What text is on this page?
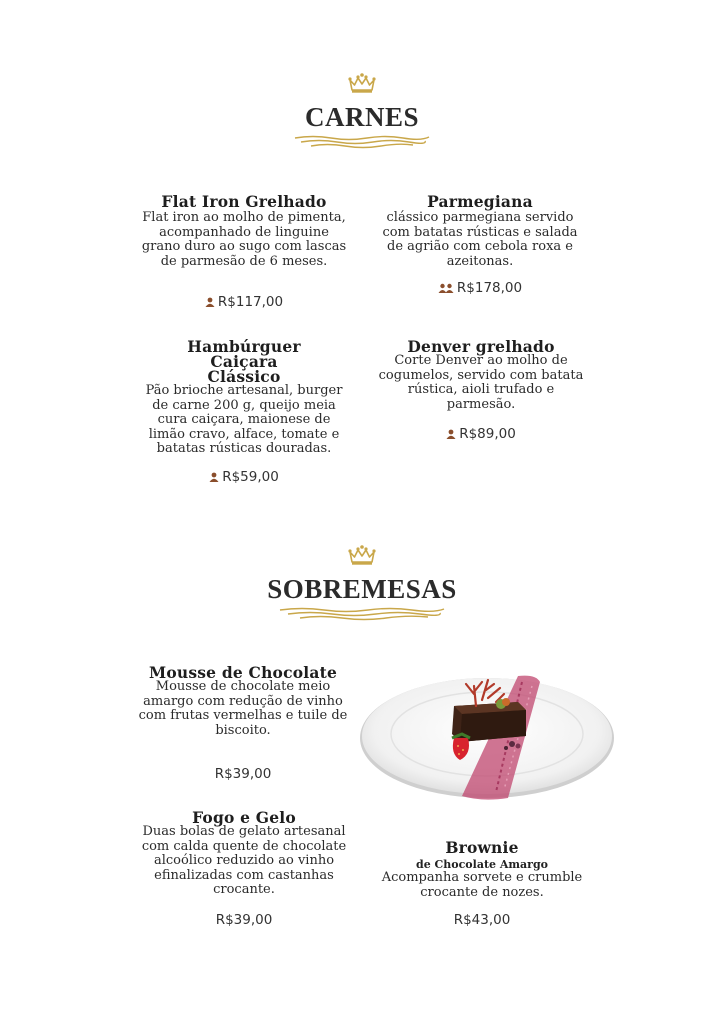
CARNES
Flat Iron Grelhado
Flat iron ao molho de pimenta, acompanhado de linguine grano duro ao sugo com lascas de parmesão de 6 meses.
R$117,00
Parmegiana
clássico parmegiana servido com batatas rústicas e salada de agrião com cebola roxa e azeitonas.
R$178,00
Hambúrguer Caiçara Clássico
Pão brioche artesanal, burger de carne 200 g, queijo meia cura caiçara, maionese de limão cravo, alface, tomate e batatas rústicas douradas.
R$59,00
Denver grelhado
Corte Denver ao molho de cogumelos, servido com batata rústica, aioli trufado e parmesão.
R$89,00
SOBREMESAS
Mousse de Chocolate
Mousse de chocolate meio amargo com redução de vinho com frutas vermelhas e tuile de biscoito.
R$39,00
Fogo e Gelo
Duas bolas de gelato artesanal com calda quente de chocolate alcoólico reduzido ao vinho efinalizadas com castanhas crocante.
R$39,00
Brownie
de Chocolate Amargo
Acompanha sorvete e crumble crocante de nozes.
R$43,00
